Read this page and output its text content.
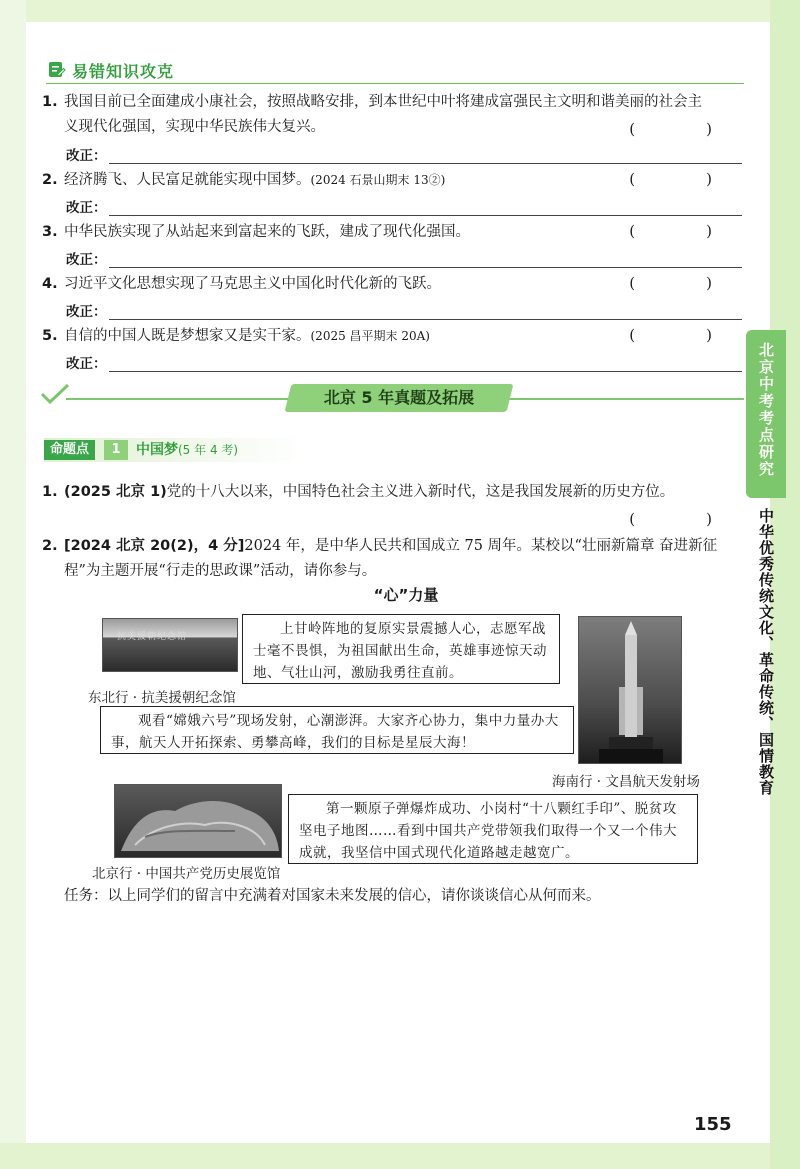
易错知识攻克
1. 我国目前已全面建成小康社会，按照战略安排，到本世纪中叶将建成富强民主文明和谐美丽的社会主
义现代化强国，实现中华民族伟大复兴。	(　)
改正：
2. 经济腾飞、人民富足就能实现中国梦。(2024 石景山期末 13②)	(　)
改正：
3. 中华民族实现了从站起来到富起来的飞跃，建成了现代化强国。	(　)
改正：
4. 习近平文化思想实现了马克思主义中国化时代化新的飞跃。	(　)
改正：
5. 自信的中国人既是梦想家又是实干家。(2025 昌平期末 20A)	(　)
改正：
北京 5 年真题及拓展
命题点	1	中国梦(5 年 4 考)
1. (2025 北京 1)党的十八大以来，中国特色社会主义进入新时代，这是我国发展新的历史方位。
(　)
2. [2024 北京 20(2)，4 分]2024 年，是中华人民共和国成立 75 周年。某校以“壮丽新篇章 奋进新征
程”为主题开展“行走的思政课”活动，请你参与。
“心”力量
抗美援朝纪念馆	上甘岭阵地的复原实景震撼人心，志愿军战士毫不畏惧，为祖国献出生命，英雄事迹惊天动地、气壮山河，激励我勇往直前。
东北行 · 抗美援朝纪念馆
观看“嫦娥六号”现场发射，心潮澎湃。大家齐心协力，集中力量办大事，航天人开拓探索、勇攀高峰，我们的目标是星辰大海！
海南行 · 文昌航天发射场
第一颗原子弹爆炸成功、小岗村“十八颗红手印”、脱贫攻坚电子地图……看到中国共产党带领我们取得一个又一个伟大成就，我坚信中国式现代化道路越走越宽广。
北京行 · 中国共产党历史展览馆
任务：以上同学们的留言中充满着对国家未来发展的信心，请你谈谈信心从何而来。
155
北京中考考点研究
中华优秀传统文化、革命传统、国情教育
